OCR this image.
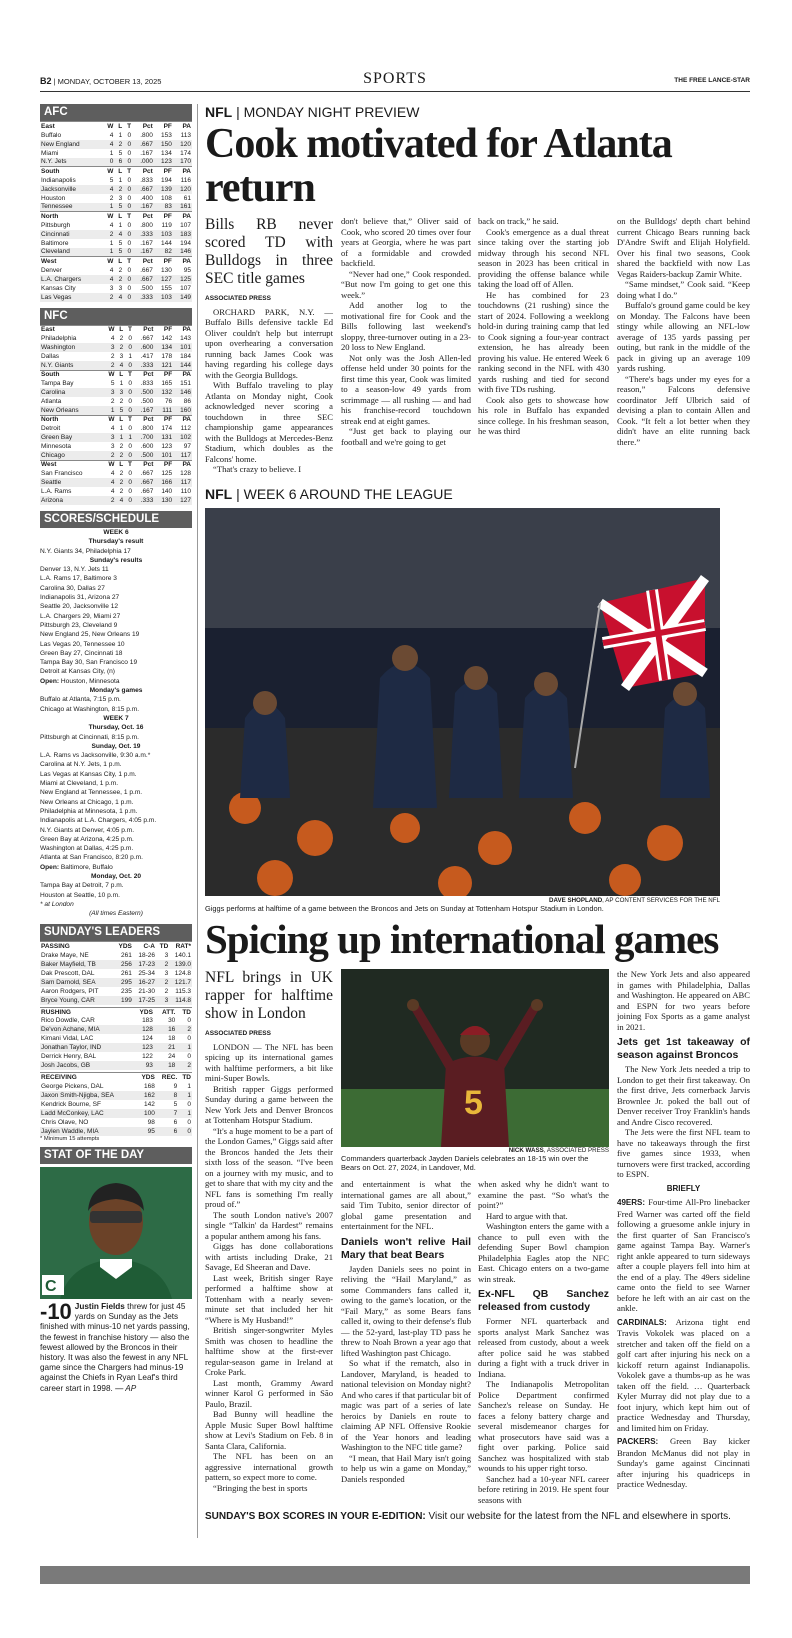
B2 | MONDAY, OCTOBER 13, 2025	SPORTS	THE FREE LANCE-STAR
AFC
East	W	L	T	Pct	PF	PA
Buffalo	4	1	0	.800	153	113
New England	4	2	0	.667	150	120
Miami	1	5	0	.167	134	174
N.Y. Jets	0	6	0	.000	123	170
South	W	L	T	Pct	PF	PA
Indianapolis	5	1	0	.833	194	116
Jacksonville	4	2	0	.667	139	120
Houston	2	3	0	.400	108	61
Tennessee	1	5	0	.167	83	161
North	W	L	T	Pct	PF	PA
Pittsburgh	4	1	0	.800	119	107
Cincinnati	2	4	0	.333	103	183
Baltimore	1	5	0	.167	144	194
Cleveland	1	5	0	.167	82	146
West	W	L	T	Pct	PF	PA
Denver	4	2	0	.667	130	95
L.A. Chargers	4	2	0	.667	127	125
Kansas City	3	3	0	.500	155	107
Las Vegas	2	4	0	.333	103	149
NFC
East	W	L	T	Pct	PF	PA
Philadelphia	4	2	0	.667	142	143
Washington	3	2	0	.600	134	101
Dallas	2	3	1	.417	178	184
N.Y. Giants	2	4	0	.333	121	144
South	W	L	T	Pct	PF	PA
Tampa Bay	5	1	0	.833	165	151
Carolina	3	3	0	.500	132	146
Atlanta	2	2	0	.500	76	86
New Orleans	1	5	0	.167	111	160
North	W	L	T	Pct	PF	PA
Detroit	4	1	0	.800	174	112
Green Bay	3	1	1	.700	131	102
Minnesota	3	2	0	.600	123	97
Chicago	2	2	0	.500	101	117
West	W	L	T	Pct	PF	PA
San Francisco	4	2	0	.667	125	128
Seattle	4	2	0	.667	166	117
L.A. Rams	4	2	0	.667	140	110
Arizona	2	4	0	.333	130	127
SCORES/SCHEDULE
WEEK 6
Thursday's result
N.Y. Giants 34, Philadelphia 17
Sunday's results
Denver 13, N.Y. Jets 11
L.A. Rams 17, Baltimore 3
Carolina 30, Dallas 27
Indianapolis 31, Arizona 27
Seattle 20, Jacksonville 12
L.A. Chargers 29, Miami 27
Pittsburgh 23, Cleveland 9
New England 25, New Orleans 19
Las Vegas 20, Tennessee 10
Green Bay 27, Cincinnati 18
Tampa Bay 30, San Francisco 19
Detroit at Kansas City, (n)
Open: Houston, Minnesota
Monday's games
Buffalo at Atlanta, 7:15 p.m.
Chicago at Washington, 8:15 p.m.
WEEK 7
Thursday, Oct. 16
Pittsburgh at Cincinnati, 8:15 p.m.
Sunday, Oct. 19
L.A. Rams vs Jacksonville, 9:30 a.m.*
Carolina at N.Y. Jets, 1 p.m.
Las Vegas at Kansas City, 1 p.m.
Miami at Cleveland, 1 p.m.
New England at Tennessee, 1 p.m.
New Orleans at Chicago, 1 p.m.
Philadelphia at Minnesota, 1 p.m.
Indianapolis at L.A. Chargers, 4:05 p.m.
N.Y. Giants at Denver, 4:05 p.m.
Green Bay at Arizona, 4:25 p.m.
Washington at Dallas, 4:25 p.m.
Atlanta at San Francisco, 8:20 p.m.
Open: Baltimore, Buffalo
Monday, Oct. 20
Tampa Bay at Detroit, 7 p.m.
Houston at Seattle, 10 p.m.
* at London
(All times Eastern)
SUNDAY'S LEADERS
PASSING	YDS	C-A	TD	RAT*
Drake Maye, NE	261	18-26	3	140.1
Baker Mayfield, TB	256	17-23	2	139.0
Dak Prescott, DAL	261	25-34	3	124.8
Sam Darnold, SEA	295	16-27	2	121.7
Aaron Rodgers, PIT	235	21-30	2	115.3
Bryce Young, CAR	199	17-25	3	114.8
RUSHING	YDS	ATT.	TD
Rico Dowdle, CAR	183	30	0
De'von Achane, MIA	128	16	2
Kimani Vidal, LAC	124	18	0
Jonathan Taylor, IND	123	21	1
Derrick Henry, BAL	122	24	0
Josh Jacobs, GB	93	18	2
RECEIVING	YDS	REC.	TD
George Pickens, DAL	168	9	1
Jaxon Smith-Njigba, SEA	162	8	1
Kendrick Bourne, SF	142	5	0
Ladd McConkey, LAC	100	7	1
Chris Olave, NO	98	6	0
Jaylen Waddle, MIA	95	6	0
* Minimum 15 attempts
STAT OF THE DAY
C
-10 Justin Fields threw for just 45 yards on Sunday as the Jets finished with minus-10 net yards passing, the fewest in franchise history — also the fewest allowed by the Broncos in their history. It was also the fewest in any NFL game since the Chargers had minus-19 against the Chiefs in Ryan Leaf's third career start in 1998. — AP
NFL | MONDAY NIGHT PREVIEW
Cook motivated for Atlanta return
Bills RB never scored TD with Bulldogs in three SEC title games
ASSOCIATED PRESS

ORCHARD PARK, N.Y. — Buffalo Bills defensive tackle Ed Oliver couldn't help but interrupt upon overhearing a conversation running back James Cook was having regarding his college days with the Georgia Bulldogs.

With Buffalo traveling to play Atlanta on Monday night, Cook acknowledged never scoring a touchdown in three SEC championship game appearances with the Bulldogs at Mercedes-Benz Stadium, which doubles as the Falcons' home.

“That's crazy to believe. I

don't believe that,” Oliver said of Cook, who scored 20 times over four years at Georgia, where he was part of a formidable and crowded backfield.

“Never had one,” Cook responded. “But now I'm going to get one this week.”

Add another log to the motivational fire for Cook and the Bills following last weekend's sloppy, three-turnover outing in a 23-20 loss to New England.

Not only was the Josh Allen-led offense held under 30 points for the first time this year, Cook was limited to a season-low 49 yards from scrimmage — all rushing — and had his franchise-record touchdown streak end at eight games.

“Just get back to playing our football and we're going to get

back on track,” he said.

Cook's emergence as a dual threat since taking over the starting job midway through his second NFL season in 2023 has been critical in providing the offense balance while taking the load off of Allen.

He has combined for 23 touchdowns (21 rushing) since the start of 2024. Following a weeklong hold-in during training camp that led to Cook signing a four-year contract extension, he has already been proving his value. He entered Week 6 ranking second in the NFL with 430 yards rushing and tied for second with five TDs rushing.

Cook also gets to showcase how his role in Buffalo has expanded since college. In his freshman season, he was third

on the Bulldogs' depth chart behind current Chicago Bears running back D'Andre Swift and Elijah Holyfield. Over his final two seasons, Cook shared the backfield with now Las Vegas Raiders-backup Zamir White.

“Same mindset,” Cook said. “Keep doing what I do.”

Buffalo's ground game could be key on Monday. The Falcons have been stingy while allowing an NFL-low average of 135 yards passing per outing, but rank in the middle of the pack in giving up an average 109 yards rushing.

“There's bags under my eyes for a reason,” Falcons defensive coordinator Jeff Ulbrich said of devising a plan to contain Allen and Cook. “It felt a lot better when they didn't have an elite running back there.”

NFL | WEEK 6 AROUND THE LEAGUE
DAVE SHOPLAND, AP CONTENT SERVICES FOR THE NFL
Giggs performs at halftime of a game between the Broncos and Jets on Sunday at Tottenham Hotspur Stadium in London.
Spicing up international games
NFL brings in UK rapper for halftime show in London
ASSOCIATED PRESS

LONDON — The NFL has been spicing up its international games with halftime performers, a bit like mini-Super Bowls.

British rapper Giggs performed Sunday during a game between the New York Jets and Denver Broncos at Tottenham Hotspur Stadium.

“It's a huge moment to be a part of the London Games,” Giggs said after the Broncos handed the Jets their sixth loss of the season. “I've been on a journey with my music, and to get to share that with my city and the NFL fans is something I'm really proud of.”

The south London native's 2007 single “Talkin' da Hardest” remains a popular anthem among his fans.

Giggs has done collaborations with artists including Drake, 21 Savage, Ed Sheeran and Dave.

Last week, British singer Raye performed a halftime show at Tottenham with a nearly seven-minute set that included her hit “Where is My Husband!”

British singer-songwriter Myles Smith was chosen to headline the halftime show at the first-ever regular-season game in Ireland at Croke Park.

Last month, Grammy Award winner Karol G performed in São Paulo, Brazil.

Bad Bunny will headline the Apple Music Super Bowl halftime show at Levi's Stadium on Feb. 8 in Santa Clara, California.

The NFL has been on an aggressive international growth pattern, so expect more to come.

“Bringing the best in sports

5
NICK WASS, ASSOCIATED PRESS
Commanders quarterback Jayden Daniels celebrates an 18-15 win over the Bears on Oct. 27, 2024, in Landover, Md.

and entertainment is what the international games are all about,” said Tim Tubito, senior director of global game presentation and entertainment for the NFL.

Daniels won't relive Hail Mary that beat Bears

Jayden Daniels sees no point in reliving the “Hail Maryland,” as some Commanders fans called it, owing to the game's location, or the “Fail Mary,” as some Bears fans called it, owing to their defense's flub — the 52-yard, last-play TD pass he threw to Noah Brown a year ago that lifted Washington past Chicago.

So what if the rematch, also in Landover, Maryland, is headed to national television on Monday night? And who cares if that particular bit of magic was part of a series of late heroics by Daniels en route to claiming AP NFL Offensive Rookie of the Year honors and leading Washington to the NFC title game?

“I mean, that Hail Mary isn't going to help us win a game on Monday,” Daniels responded

when asked why he didn't want to examine the past. “So what's the point?”

Hard to argue with that.

Washington enters the game with a chance to pull even with the defending Super Bowl champion Philadelphia Eagles atop the NFC East. Chicago enters on a two-game win streak.

Ex-NFL QB Sanchez released from custody

Former NFL quarterback and sports analyst Mark Sanchez was released from custody, about a week after police said he was stabbed during a fight with a truck driver in Indiana.

The Indianapolis Metropolitan Police Department confirmed Sanchez's release on Sunday. He faces a felony battery charge and several misdemeanor charges for what prosecutors have said was a fight over parking. Police said Sanchez was hospitalized with stab wounds to his upper right torso.

Sanchez had a 10-year NFL career before retiring in 2019. He spent four seasons with

the New York Jets and also appeared in games with Philadelphia, Dallas and Washington. He appeared on ABC and ESPN for two years before joining Fox Sports as a game analyst in 2021.

Jets get 1st takeaway of season against Broncos

The New York Jets needed a trip to London to get their first takeaway. On the first drive, Jets cornerback Jarvis Brownlee Jr. poked the ball out of Denver receiver Troy Franklin's hands and Andre Cisco recovered.

The Jets were the first NFL team to have no takeaways through the first five games since 1933, when turnovers were first tracked, according to ESPN.

BRIEFLY

49ERS: Four-time All-Pro linebacker Fred Warner was carted off the field following a gruesome ankle injury in the first quarter of San Francisco's game against Tampa Bay. Warner's right ankle appeared to turn sideways after a couple players fell into him at the end of a play. The 49ers sideline came onto the field to see Warner before he left with an air cast on the ankle.

CARDINALS: Arizona tight end Travis Vokolek was placed on a stretcher and taken off the field on a golf cart after injuring his neck on a kickoff return against Indianapolis. Vokolek gave a thumbs-up as he was taken off the field. … Quarterback Kyler Murray did not play due to a foot injury, which kept him out of practice Wednesday and Thursday, and limited him on Friday.

PACKERS: Green Bay kicker Brandon McManus did not play in Sunday's game against Cincinnati after injuring his quadriceps in practice Wednesday.

SUNDAY'S BOX SCORES IN YOUR E-EDITION: Visit our website for the latest from the NFL and elsewhere in sports.
